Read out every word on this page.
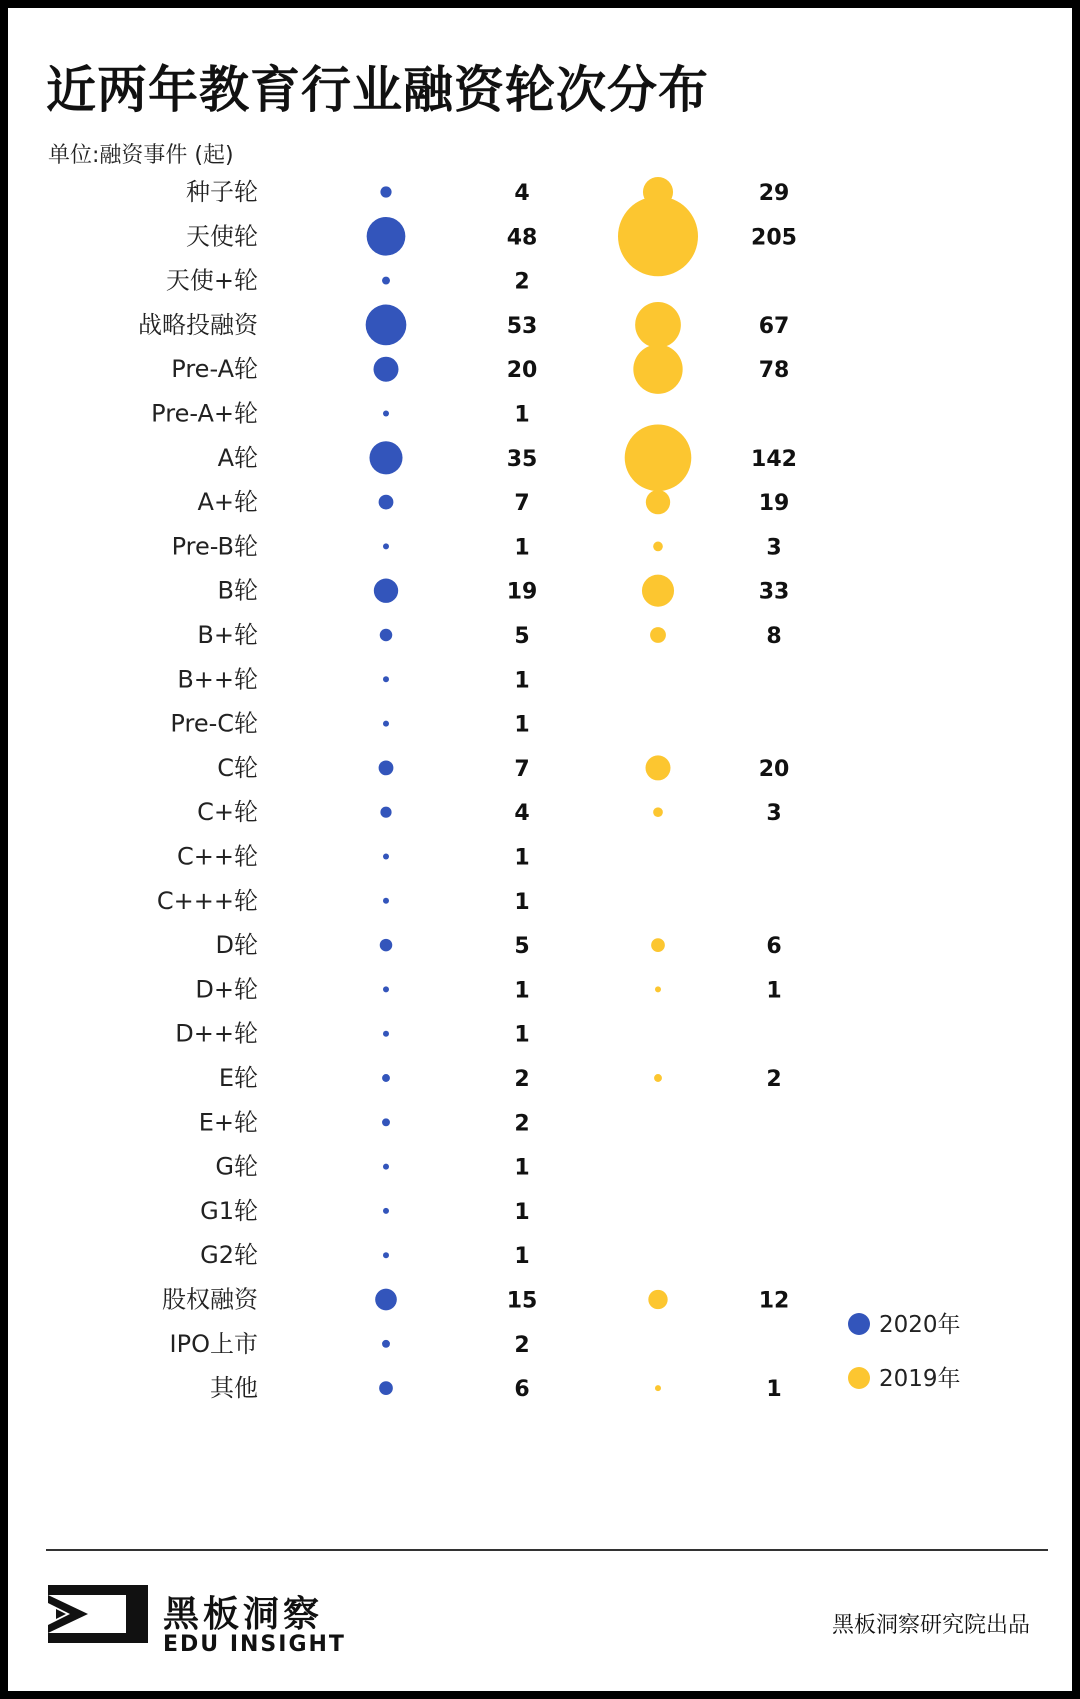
近两年教育行业融资轮次分布
单位:融资事件 (起)
种子轮	4	29
天使轮	48	205
天使+轮	2
战略投融资	53	67
Pre-A轮	20	78
Pre-A+轮	1
A轮	35	142
A+轮	7	19
Pre-B轮	1	3
B轮	19	33
B+轮	5	8
B++轮	1
Pre-C轮	1
C轮	7	20
C+轮	4	3
C++轮	1
C+++轮	1
D轮	5	6
D+轮	1	1
D++轮	1
E轮	2	2
E+轮	2
G轮	1
G1轮	1
G2轮	1
股权融资	15	12
IPO上市	2
其他	6	1
2020年
2019年
黑板洞察
EDU INSIGHT
黑板洞察研究院出品
